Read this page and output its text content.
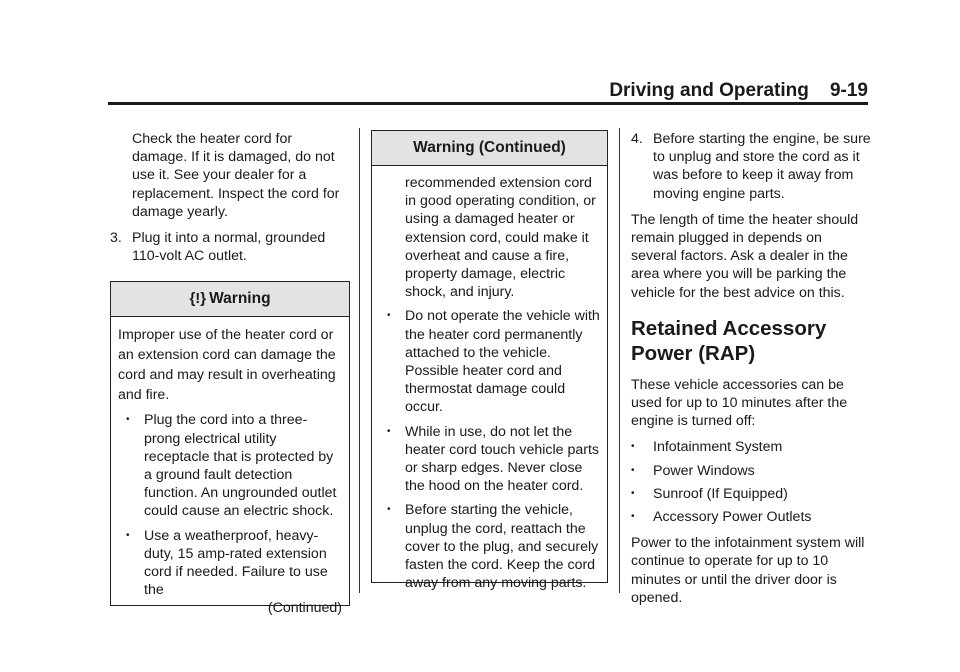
Driving and Operating 9-19

Check the heater cord for damage. If it is damaged, do not use it. See your dealer for a replacement. Inspect the cord for damage yearly.

3. Plug it into a normal, grounded 110-volt AC outlet.
{!} Warning

Improper use of the heater cord or an extension cord can damage the cord and may result in overheating and fire.

•	Plug the cord into a three-prong electrical utility receptacle that is protected by a ground fault detection function. An ungrounded outlet could cause an electric shock.
•	Use a weatherproof, heavy-duty, 15 amp-rated extension cord if needed. Failure to use the

(Continued)

Warning (Continued)

recommended extension cord in good operating condition, or using a damaged heater or extension cord, could make it overheat and cause a fire, property damage, electric shock, and injury.

•	Do not operate the vehicle with the heater cord permanently attached to the vehicle. Possible heater cord and thermostat damage could occur.
•	While in use, do not let the heater cord touch vehicle parts or sharp edges. Never close the hood on the heater cord.
•	Before starting the vehicle, unplug the cord, reattach the cover to the plug, and securely fasten the cord. Keep the cord away from any moving parts.
4. Before starting the engine, be sure to unplug and store the cord as it was before to keep it away from moving engine parts.

The length of time the heater should remain plugged in depends on several factors. Ask a dealer in the area where you will be parking the vehicle for the best advice on this.

Retained Accessory Power (RAP)

These vehicle accessories can be used for up to 10 minutes after the engine is turned off:

•	Infotainment System
•	Power Windows
•	Sunroof (If Equipped)
•	Accessory Power Outlets

Power to the infotainment system will continue to operate for up to 10 minutes or until the driver door is opened.
